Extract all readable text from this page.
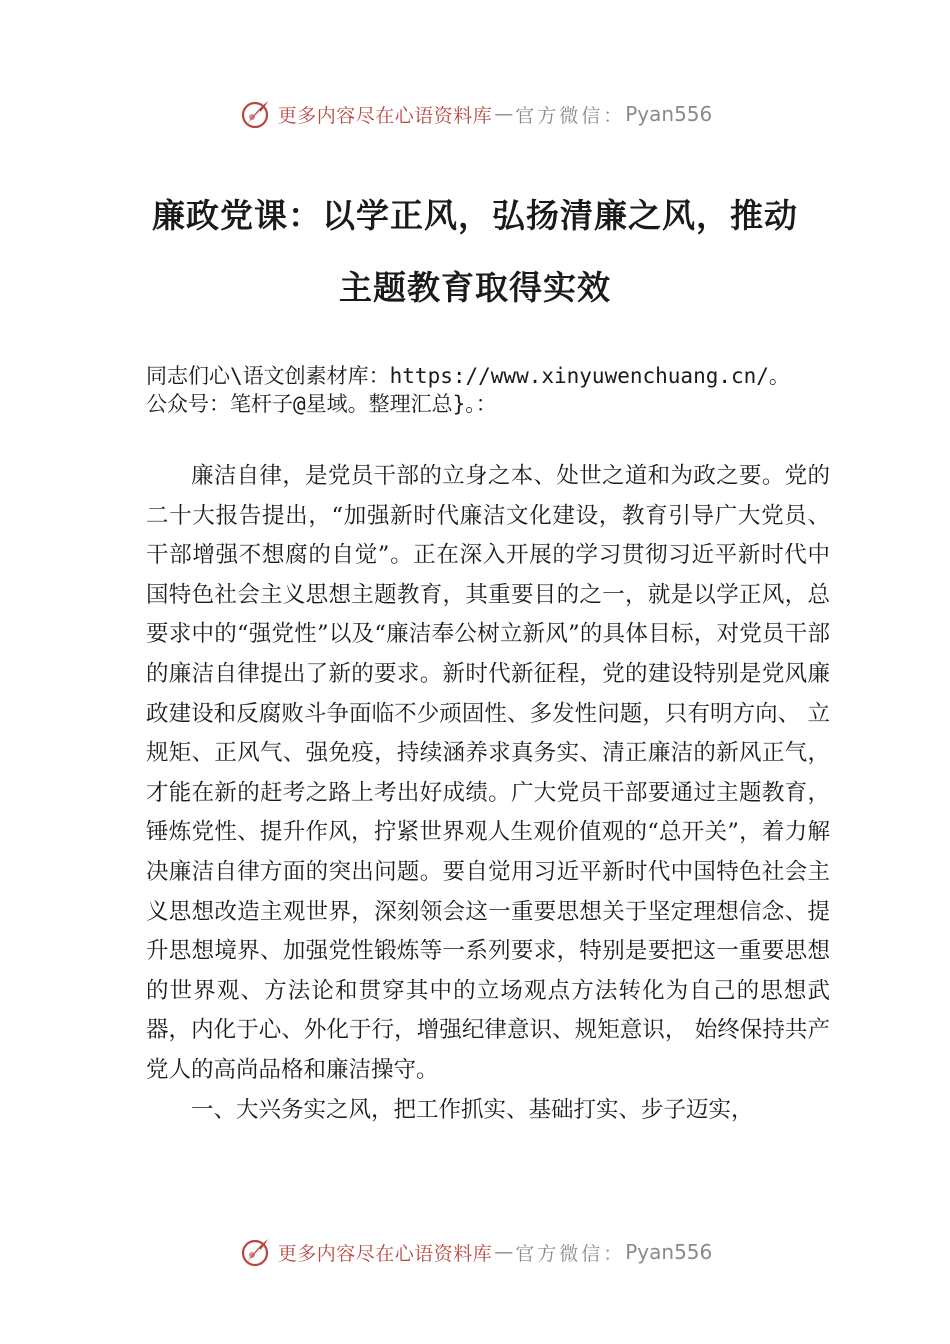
更多内容尽在心语资料库 — 官方微信： Pyan556
廉政党课：以学正风，弘扬清廉之风，推动主题教育取得实效
同志们心\语文创素材库：https://www.xinyuwenchuang.cn/。公众号：笔杆子@星域。整理汇总}。：

廉洁自律，是党员干部的立身之本、处世之道和为政之要。党的二十大报告提出，“加强新时代廉洁文化建设，教育引导广大党员、干部增强不想腐的自觉”。正在深入开展的学习贯彻习近平新时代中国特色社会主义思想主题教育，其重要目的之一，就是以学正风，总要求中的“强党性”以及“廉洁奉公树立新风”的具体目标，对党员干部的廉洁自律提出了新的要求。新时代新征程，党的建设特别是党风廉政建设和反腐败斗争面临不少顽固性、多发性问题，只有明方向、 立规矩、正风气、强免疫，持续涵养求真务实、清正廉洁的新风正气，才能在新的赶考之路上考出好成绩。广大党员干部要通过主题教育，锤炼党性、提升作风，拧紧世界观人生观价值观的“总开关”，着力解决廉洁自律方面的突出问题。要自觉用习近平新时代中国特色社会主义思想改造主观世界，深刻领会这一重要思想关于坚定理想信念、提升思想境界、加强党性锻炼等一系列要求，特别是要把这一重要思想的世界观、方法论和贯穿其中的立场观点方法转化为自己的思想武器，内化于心、外化于行，增强纪律意识、规矩意识， 始终保持共产党人的高尚品格和廉洁操守。

一、大兴务实之风，把工作抓实、基础打实、步子迈实，

更多内容尽在心语资料库 — 官方微信： Pyan556
